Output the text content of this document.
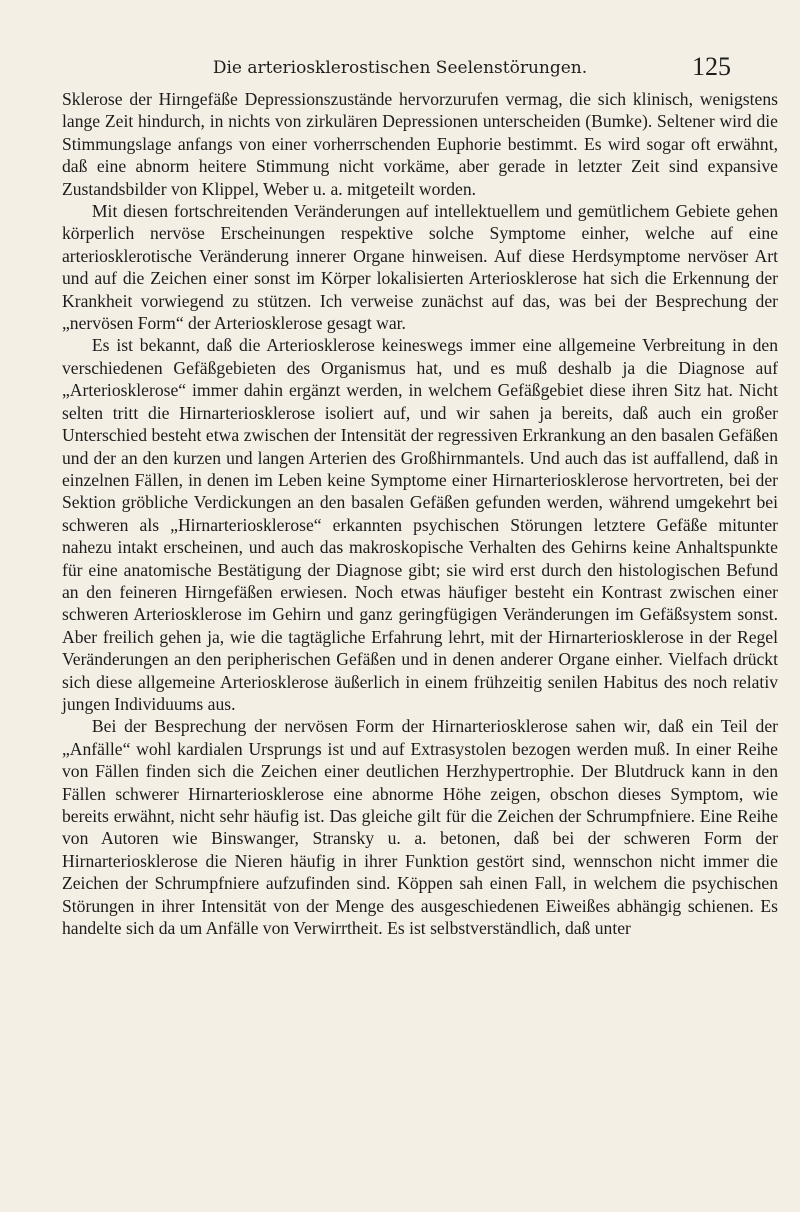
Die arteriosklerostischen Seelenstörungen.	125

Sklerose der Hirngefäße Depressionszustände hervorzurufen vermag, die sich klinisch, wenigstens lange Zeit hindurch, in nichts von zirkulären Depressionen unterscheiden (Bumke). Seltener wird die Stimmungslage anfangs von einer vorherrschenden Euphorie bestimmt. Es wird sogar oft erwähnt, daß eine abnorm heitere Stimmung nicht vorkäme, aber gerade in letzter Zeit sind expansive Zustandsbilder von Klippel, Weber u. a. mitgeteilt worden.

Mit diesen fortschreitenden Veränderungen auf intellektuellem und gemütlichem Gebiete gehen körperlich nervöse Erscheinungen respektive solche Symptome einher, welche auf eine arteriosklerotische Veränderung innerer Organe hinweisen. Auf diese Herdsymptome nervöser Art und auf die Zeichen einer sonst im Körper lokalisierten Arteriosklerose hat sich die Erkennung der Krankheit vorwiegend zu stützen. Ich verweise zunächst auf das, was bei der Besprechung der „nervösen Form“ der Arteriosklerose gesagt war.

Es ist bekannt, daß die Arteriosklerose keineswegs immer eine allgemeine Verbreitung in den verschiedenen Gefäßgebieten des Organismus hat, und es muß deshalb ja die Diagnose auf „Arteriosklerose“ immer dahin ergänzt werden, in welchem Gefäßgebiet diese ihren Sitz hat. Nicht selten tritt die Hirnarteriosklerose isoliert auf, und wir sahen ja bereits, daß auch ein großer Unterschied besteht etwa zwischen der Intensität der regressiven Erkrankung an den basalen Gefäßen und der an den kurzen und langen Arterien des Großhirnmantels. Und auch das ist auffallend, daß in einzelnen Fällen, in denen im Leben keine Symptome einer Hirnarteriosklerose hervortreten, bei der Sektion gröbliche Verdickungen an den basalen Gefäßen gefunden werden, während umgekehrt bei schweren als „Hirnarteriosklerose“ erkannten psychischen Störungen letztere Gefäße mitunter nahezu intakt erscheinen, und auch das makroskopische Verhalten des Gehirns keine Anhaltspunkte für eine anatomische Bestätigung der Diagnose gibt; sie wird erst durch den histologischen Befund an den feineren Hirngefäßen erwiesen. Noch etwas häufiger besteht ein Kontrast zwischen einer schweren Arteriosklerose im Gehirn und ganz geringfügigen Veränderungen im Gefäßsystem sonst. Aber freilich gehen ja, wie die tagtägliche Erfahrung lehrt, mit der Hirnarteriosklerose in der Regel Veränderungen an den peripherischen Gefäßen und in denen anderer Organe einher. Vielfach drückt sich diese allgemeine Arteriosklerose äußerlich in einem frühzeitig senilen Habitus des noch relativ jungen Individuums aus.

Bei der Besprechung der nervösen Form der Hirnarteriosklerose sahen wir, daß ein Teil der „Anfälle“ wohl kardialen Ursprungs ist und auf Extrasystolen bezogen werden muß. In einer Reihe von Fällen finden sich die Zeichen einer deutlichen Herzhypertrophie. Der Blutdruck kann in den Fällen schwerer Hirnarteriosklerose eine abnorme Höhe zeigen, obschon dieses Symptom, wie bereits erwähnt, nicht sehr häufig ist. Das gleiche gilt für die Zeichen der Schrumpfniere. Eine Reihe von Autoren wie Binswanger, Stransky u. a. betonen, daß bei der schweren Form der Hirnarteriosklerose die Nieren häufig in ihrer Funktion gestört sind, wennschon nicht immer die Zeichen der Schrumpfniere aufzufinden sind. Köppen sah einen Fall, in welchem die psychischen Störungen in ihrer Intensität von der Menge des ausgeschiedenen Eiweißes abhängig schienen. Es handelte sich da um Anfälle von Verwirrtheit. Es ist selbstverständlich, daß unter
